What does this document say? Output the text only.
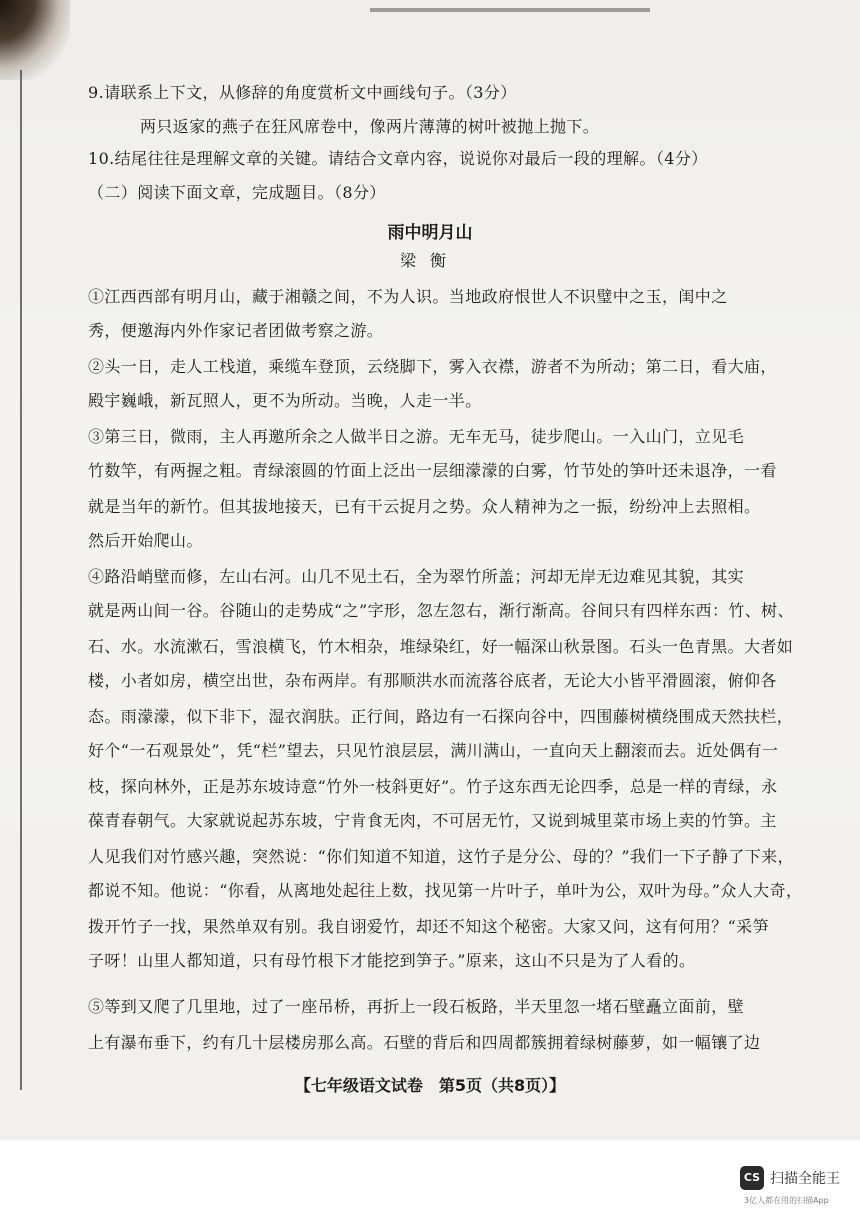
9.请联系上下文，从修辞的角度赏析文中画线句子。（3分）
两只返家的燕子在狂风席卷中，像两片薄薄的树叶被抛上抛下。
10.结尾往往是理解文章的关键。请结合文章内容，说说你对最后一段的理解。（4分）
（二）阅读下面文章，完成题目。（8分）
雨中明月山
梁衡
①江西西部有明月山，藏于湘赣之间，不为人识。当地政府恨世人不识璧中之玉，闺中之
秀，便邀海内外作家记者团做考察之游。
②头一日，走人工栈道，乘缆车登顶，云绕脚下，雾入衣襟，游者不为所动；第二日，看大庙，
殿宇巍峨，新瓦照人，更不为所动。当晚，人走一半。
③第三日，微雨，主人再邀所余之人做半日之游。无车无马，徒步爬山。一入山门，立见毛
竹数竿，有两握之粗。青绿滚圆的竹面上泛出一层细濛濛的白雾，竹节处的笋叶还未退净，一看
就是当年的新竹。但其拔地接天，已有干云捉月之势。众人精神为之一振，纷纷冲上去照相。
然后开始爬山。
④路沿峭壁而修，左山右河。山几不见土石，全为翠竹所盖；河却无岸无边难见其貌，其实
就是两山间一谷。谷随山的走势成“之”字形，忽左忽右，渐行渐高。谷间只有四样东西：竹、树、
石、水。水流漱石，雪浪横飞，竹木相杂，堆绿染红，好一幅深山秋景图。石头一色青黑。大者如
楼，小者如房，横空出世，杂布两岸。有那顺洪水而流落谷底者，无论大小皆平滑圆滚，俯仰各
态。雨濛濛，似下非下，湿衣润肤。正行间，路边有一石探向谷中，四围藤树横绕围成天然扶栏，
好个“一石观景处”，凭“栏”望去，只见竹浪层层，满川满山，一直向天上翻滚而去。近处偶有一
枝，探向林外，正是苏东坡诗意“竹外一枝斜更好”。竹子这东西无论四季，总是一样的青绿，永
葆青春朝气。大家就说起苏东坡，宁肯食无肉，不可居无竹，又说到城里菜市场上卖的竹笋。主
人见我们对竹感兴趣，突然说：“你们知道不知道，这竹子是分公、母的？”我们一下子静了下来，
都说不知。他说：“你看，从离地处起往上数，找见第一片叶子，单叶为公，双叶为母。”众人大奇，
拨开竹子一找，果然单双有别。我自诩爱竹，却还不知这个秘密。大家又问，这有何用？“采笋
子呀！山里人都知道，只有母竹根下才能挖到笋子。”原来，这山不只是为了人看的。
⑤等到又爬了几里地，过了一座吊桥，再折上一段石板路，半天里忽一堵石壁矗立面前，壁
上有瀑布垂下，约有几十层楼房那么高。石壁的背后和四周都簇拥着绿树藤萝，如一幅镶了边
【七年级语文试卷　第5页（共8页）】
CS 扫描全能王
3亿人都在用的扫描App
